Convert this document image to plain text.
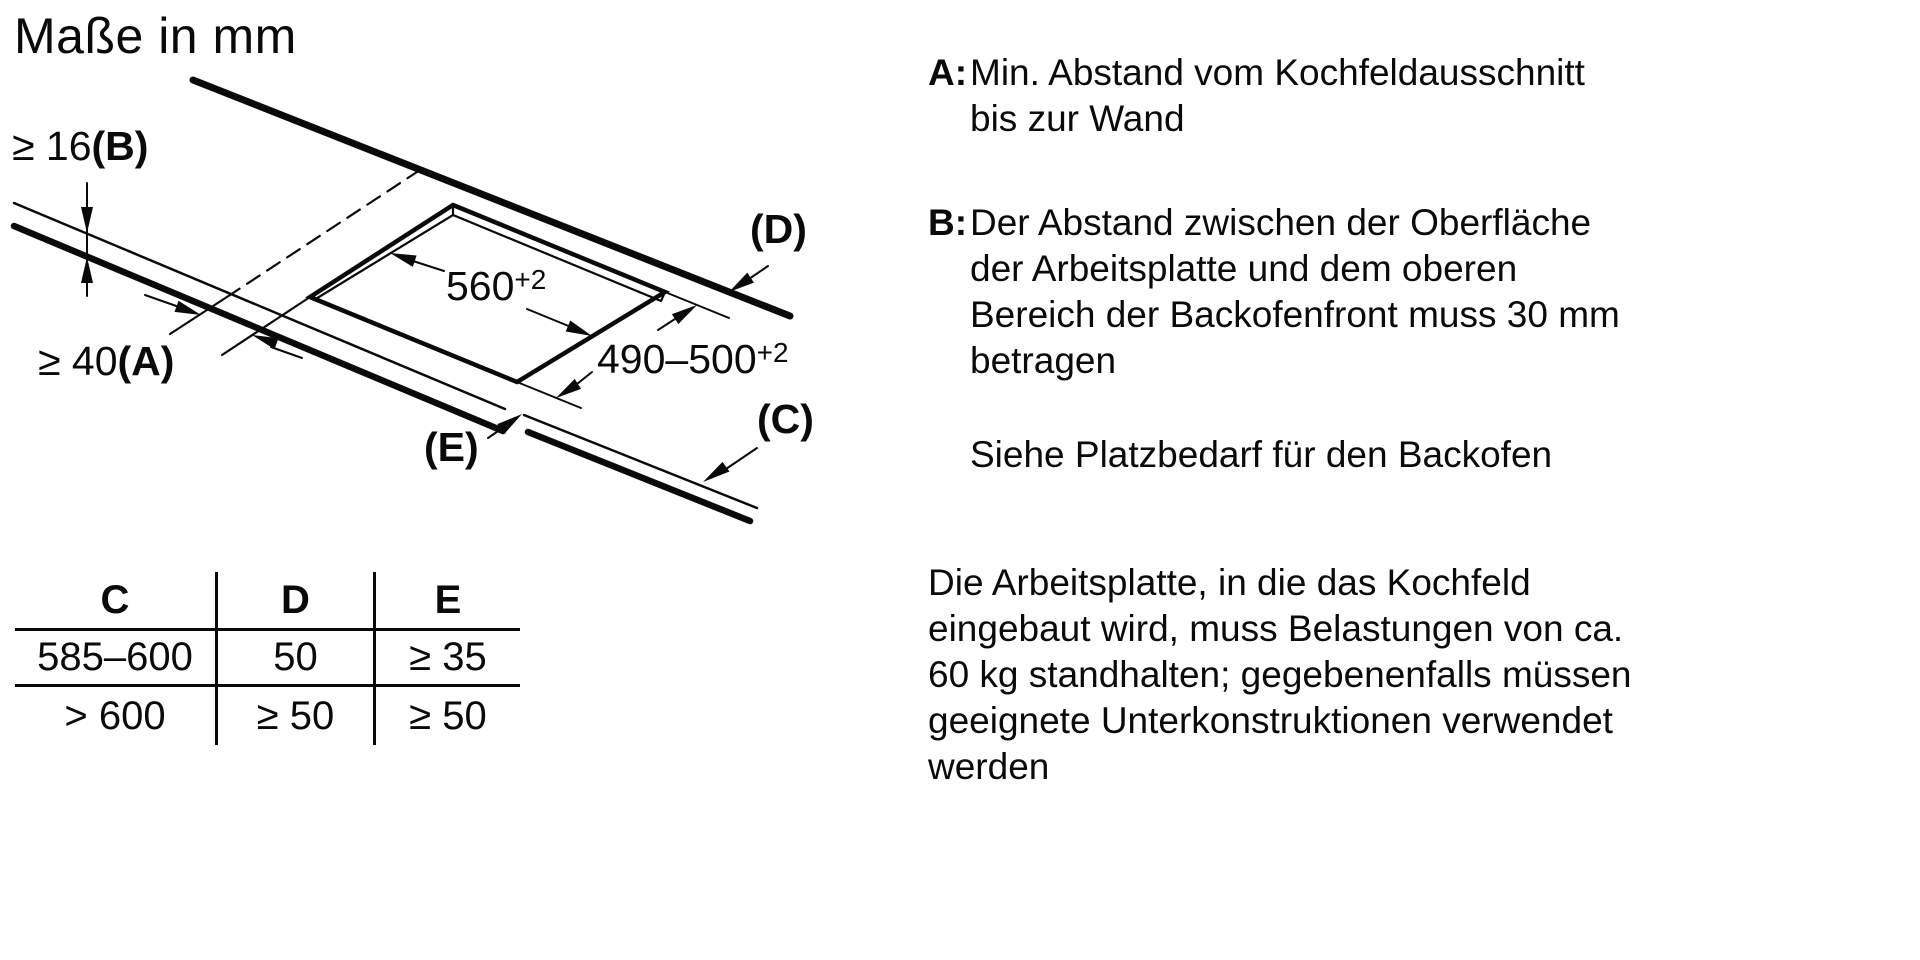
Maße in mm
≥ 16 (B)
≥ 40 (A)
560 +2
490–500 +2
(D)
(C)
(E)
C	D	E
585–600	50	≥ 35
> 600	≥ 50	≥ 50
A: Min. Abstand vom Kochfeldausschnitt
bis zur Wand
B: Der Abstand zwischen der Oberfläche
der Arbeitsplatte und dem oberen
Bereich der Backofenfront muss 30 mm
betragen
Siehe Platzbedarf für den Backofen
Die Arbeitsplatte, in die das Kochfeld
eingebaut wird, muss Belastungen von ca.
60 kg standhalten; gegebenenfalls müssen
geeignete Unterkonstruktionen verwendet
werden
